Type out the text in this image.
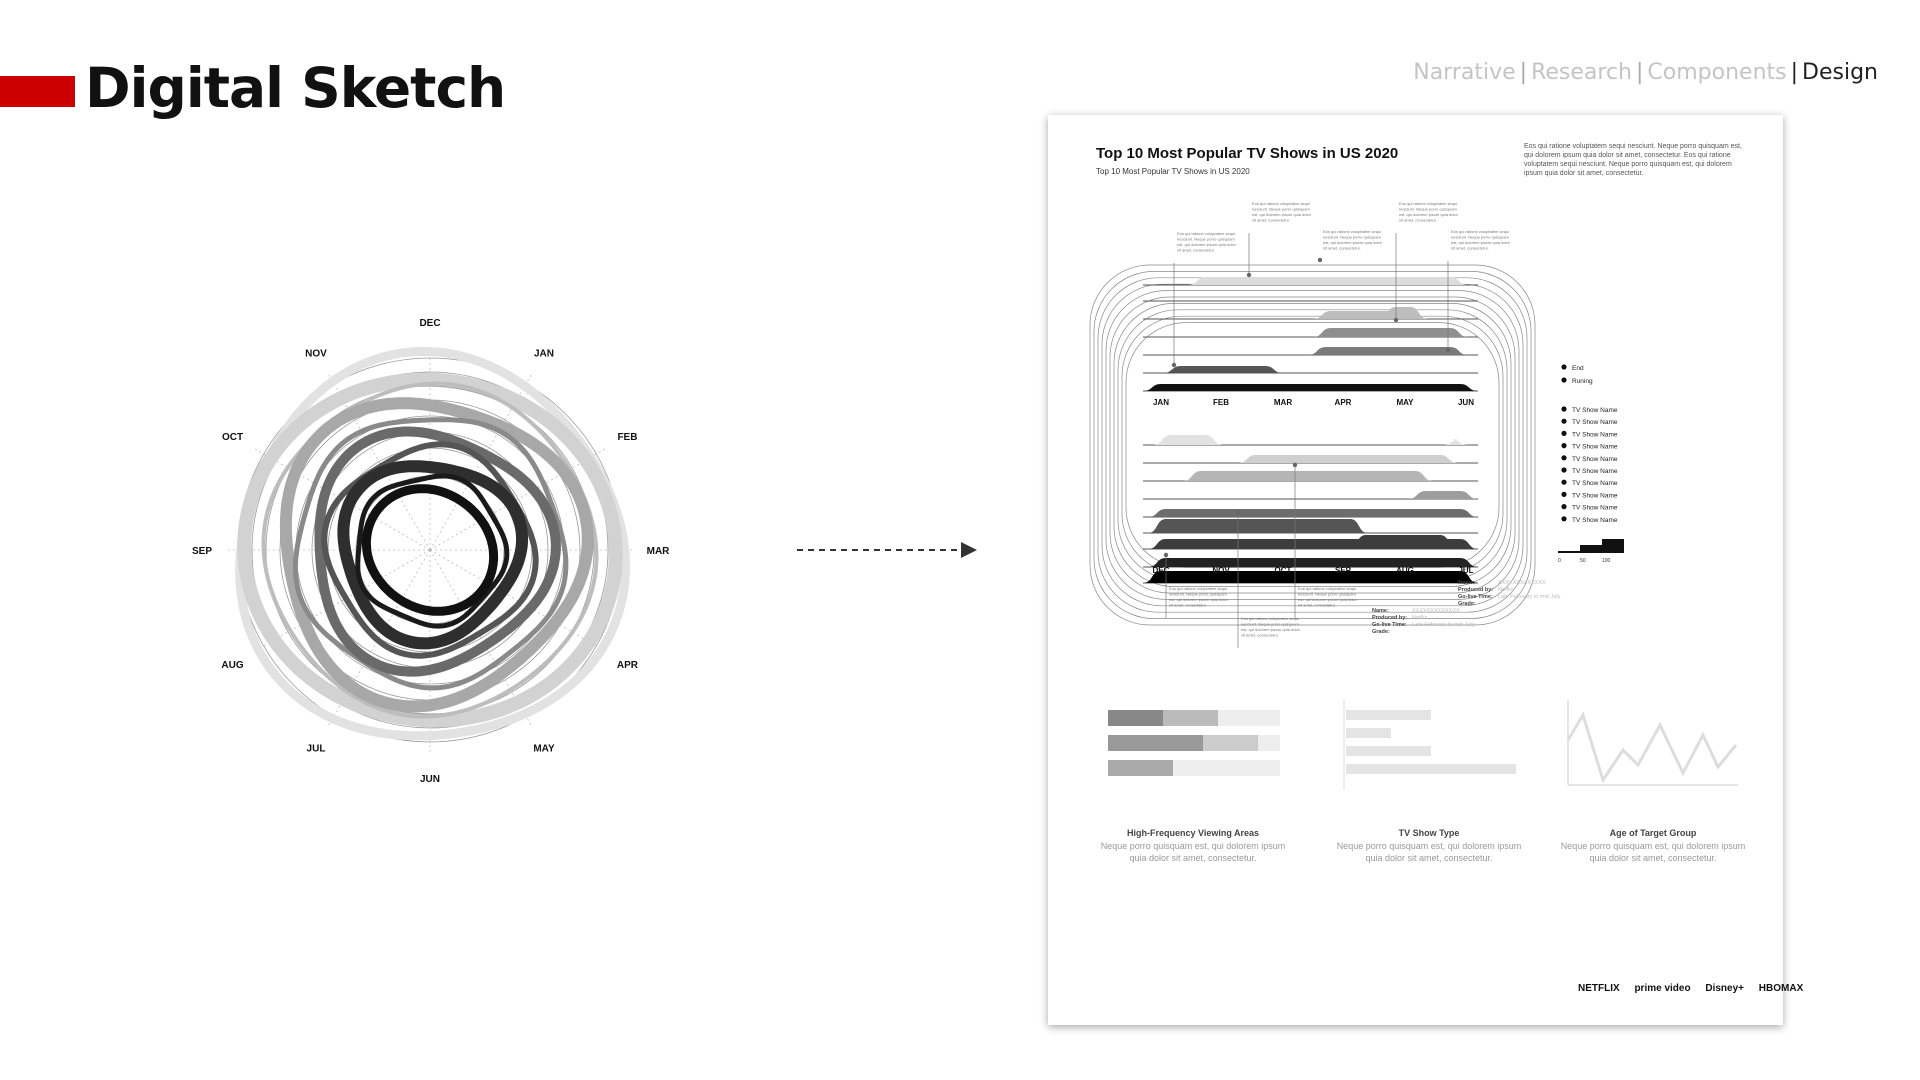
Digital Sketch	Narrative | Research | Components | Design
DEC
JAN
FEB
MAR
APR
MAY
JUN
JUL
AUG
SEP
OCT
NOV
Top 10 Most Popular TV Shows in US 2020
Top 10 Most Popular TV Shows in US 2020
Eos qui ratione voluptatem sequi nesciunt. Neque porro quisquam est, qui dolorem ipsum quia dolor sit amet, consectetur. Eos qui ratione voluptatem sequi nesciunt. Neque porro quisquam est, qui dolorem ipsum quia dolor sit amet, consectetur.
Eos qui ratione voluptatem sequi
nesciunt. Neque porro quisquam
est, qui dolorem ipsum quia dolor
sit amet, consectetur.
Eos qui ratione voluptatem sequi
nesciunt. Neque porro quisquam
est, qui dolorem ipsum quia dolor
sit amet, consectetur.
Eos qui ratione voluptatem sequi
nesciunt. Neque porro quisquam
est, qui dolorem ipsum quia dolor
sit amet, consectetur.
Eos qui ratione voluptatem sequi
nesciunt. Neque porro quisquam
est, qui dolorem ipsum quia dolor
sit amet, consectetur.
Eos qui ratione voluptatem sequi
nesciunt. Neque porro quisquam
est, qui dolorem ipsum quia dolor
sit amet, consectetur.
Eos qui ratione voluptatem sequi
nesciunt. Neque porro quisquam
est, qui dolorem ipsum quia dolor
sit amet, consectetur.
Eos qui ratione voluptatem sequi
nesciunt. Neque porro quisquam
est, qui dolorem ipsum quia dolor
sit amet, consectetur.
Eos qui ratione voluptatem sequi
nesciunt. Neque porro quisquam
est, qui dolorem ipsum quia dolor
sit amet, consectetur.
JAN	FEB	MAR	APR	MAY	JUN
DEC	NOV	OCT	SEP	AUG	JUL
End
Runing
TV Show Name
TV Show Name
TV Show Name
TV Show Name
TV Show Name
TV Show Name
TV Show Name
TV Show Name
TV Show Name
TV Show Name
0	50	100
Name:	XXXXXXXXXXXXX
Produced by: Netflix
Go-live Time: Late February to mid-July
Grade:
Name:	XXXXXXXXXXXXX
Produced by: Netflix
Go-live Time: Late February to mid-July
Grade:
High-Frequency Viewing Areas
Neque porro quisquam est, qui dolorem ipsum quia dolor sit amet, consectetur.
TV Show Type
Neque porro quisquam est, qui dolorem ipsum quia dolor sit amet, consectetur.
Age of Target Group
Neque porro quisquam est, qui dolorem ipsum quia dolor sit amet, consectetur.
NETFLIX prime video Disney+ HBOMAX
